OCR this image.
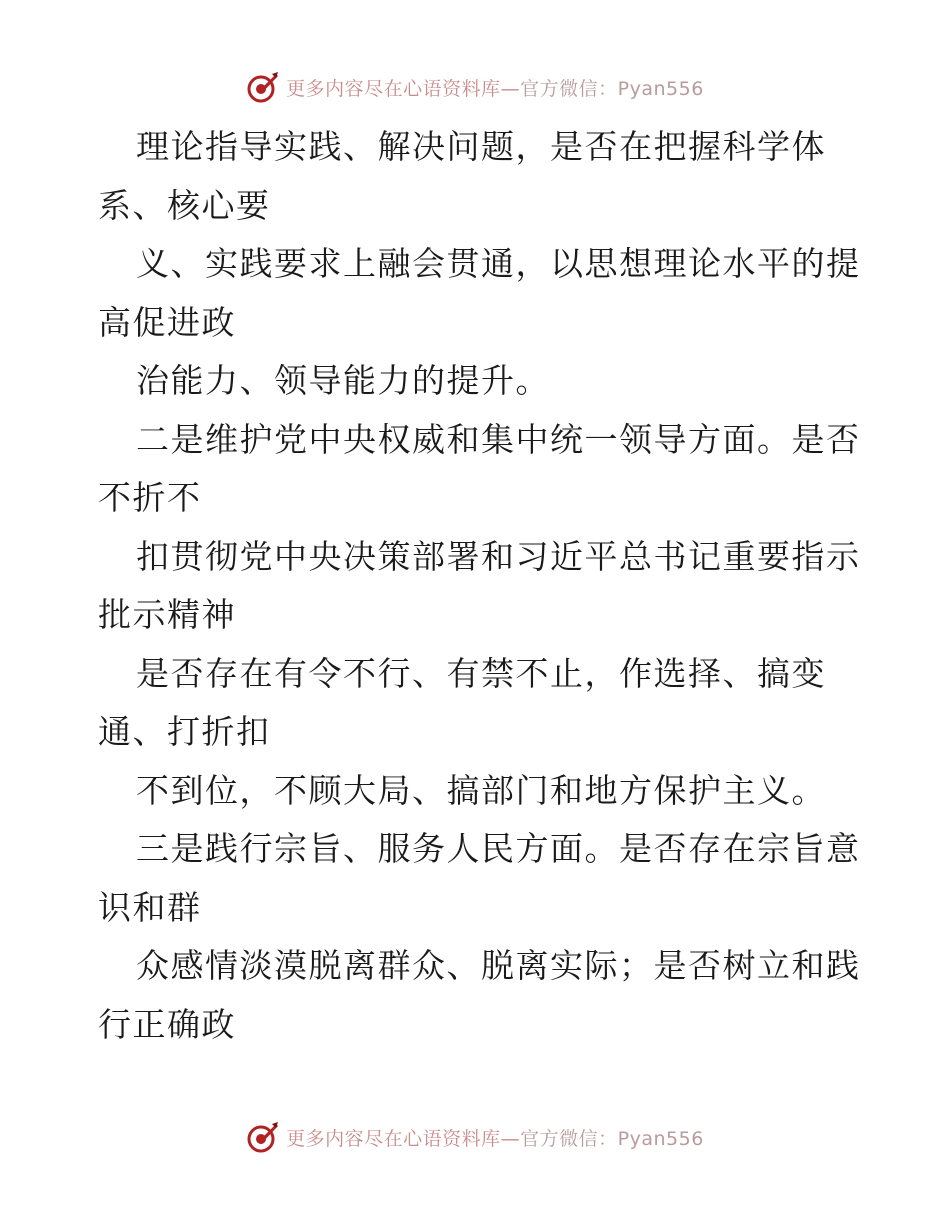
更多内容尽在心语资料库—官方微信：Pyan556
理论指导实践、解决问题，是否在把握科学体
系、核心要
义、实践要求上融会贯通，以思想理论水平的提
高促进政
治能力、领导能力的提升。
二是维护党中央权威和集中统一领导方面。是否
不折不
扣贯彻党中央决策部署和习近平总书记重要指示
批示精神
是否存在有令不行、有禁不止，作选择、搞变
通、打折扣
不到位，不顾大局、搞部门和地方保护主义。
三是践行宗旨、服务人民方面。是否存在宗旨意
识和群
众感情淡漠脱离群众、脱离实际；是否树立和践
行正确政
更多内容尽在心语资料库—官方微信：Pyan556
